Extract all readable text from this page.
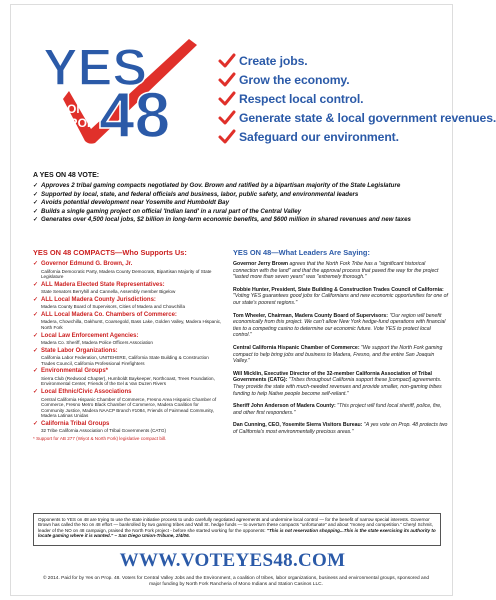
YES
ON
PROP 48
Create jobs.
Grow the economy.
Respect local control.
Generate state & local government revenues.
Safeguard our environment.
A YES ON 48 VOTE:
✓ Approves 2 tribal gaming compacts negotiated by Gov. Brown and ratified by a bipartisan majority of the State Legislature
✓ Supported by local, state, and federal officials and business, labor, public safety, and environmental leaders
✓ Avoids potential development near Yosemite and Humboldt Bay
✓ Builds a single gaming project on official 'Indian land' in a rural part of the Central Valley
✓ Generates over 4,500 local jobs, $2 billion in long-term economic benefits, and $600 million in shared revenues and new taxes
YES ON 48 COMPACTS—Who Supports Us:
✓ Governor Edmund G. Brown, Jr.
California Democratic Party, Madera County Democrats, Bipartisan Majority of State Legislature
✓ ALL Madera Elected State Representatives:
State Senators Berryhill and Cannella, Assembly member Bigelow
✓ ALL Local Madera County Jurisdictions:
Madera County Board of Supervisors, Cities of Madera and Chowchilla
✓ ALL Local Madera Co. Chambers of Commerce:
Madera, Chowchilla, Oakhurst, Coarsegold, Bass Lake, Golden Valley, Madera Hispanic, North Fork
✓ Local Law Enforcement Agencies:
Madera Co. Sheriff, Madera Police Officers Association
✓ State Labor Organizations:
California Labor Federation, UNITEHERE, California State Building & Construction Trades Council, California Professional Firefighters
✓ Environmental Groups*
Sierra Club (Redwood Chapter), Humboldt Baykeeper, Northcoast, Trees Foundation, Environmental Center, Friends of the Eel & Van Duzen Rivers
✓ Local Ethnic/Civic Associations
Central California Hispanic Chamber of Commerce, Fresno Area Hispanic Chamber of Commerce, Fresno Metro Black Chamber of Commerce, Madera Coalition for Community Justice, Madera NAACP Branch #1084, Friends of Fairmead Community, Madera Latinas Unidas
✓ California Tribal Groups
32 Tribe California Association of Tribal Governments (CATG)
* Support for AB 277 (Wiyot & North Fork) legislative compact bill.
YES ON 48—What Leaders Are Saying:
Governor Jerry Brown agrees that the North Fork Tribe has a "significant historical connection with the land" and that the approval process that paved the way for the project "lasted more than seven years" was "extremely thorough."
Robbie Hunter, President, State Building & Construction Trades Council of California: "Voting YES guarantees good jobs for Californians and new economic opportunities for one of our state's poorest regions."
Tom Wheeler, Chairman, Madera County Board of Supervisors: "Our region will benefit economically from this project. We can't allow New York hedge-fund operations with financial ties to a competing casino to determine our economic future. Vote YES to protect local control."
Central California Hispanic Chamber of Commerce: "We support the North Fork gaming compact to help bring jobs and business to Madera, Fresno, and the entire San Joaquin Valley."
Will Micklin, Executive Director of the 32-member California Association of Tribal Governments (CATG): "Tribes throughout California support these [compact] agreements. They provide the state with much-needed revenues and provide smaller, non-gaming tribes funding to help Native people become self-reliant."
Sheriff John Anderson of Madera County: "This project will fund local sheriff, police, fire, and other first responders."
Dan Cunning, CEO, Yosemite Sierra Visitors Bureau: "A yes vote on Prop. 48 protects two of California's most environmentally precious areas."
Opponents to YES on 48 are trying to use the state initiative process to undo carefully negotiated agreements and undermine local control — for the benefit of narrow special interests. Governor Brown has called the No on 48 effort — bankrolled by two gaming tribes and Wall St. hedge funds — to overturn these compacts "unfortunate" and about "money and competition." Cheryl Schmit, leader of the NO on 48 campaign, praised the North Fork project - before she started working for the opponents: "This is not reservation shopping...This is the state exercising its authority to locate gaming where it is wanted." – San Diego Union-Tribune, 2/4/06.
WWW.VOTEYES48.COM
© 2014. Paid for by Yes on Prop. 48. Voters for Central Valley Jobs and the Environment, a coalition of tribes, labor organizations, business and environmental groups, sponsored and major funding by North Fork Rancheria of Mono Indians and Station Casinos LLC.
